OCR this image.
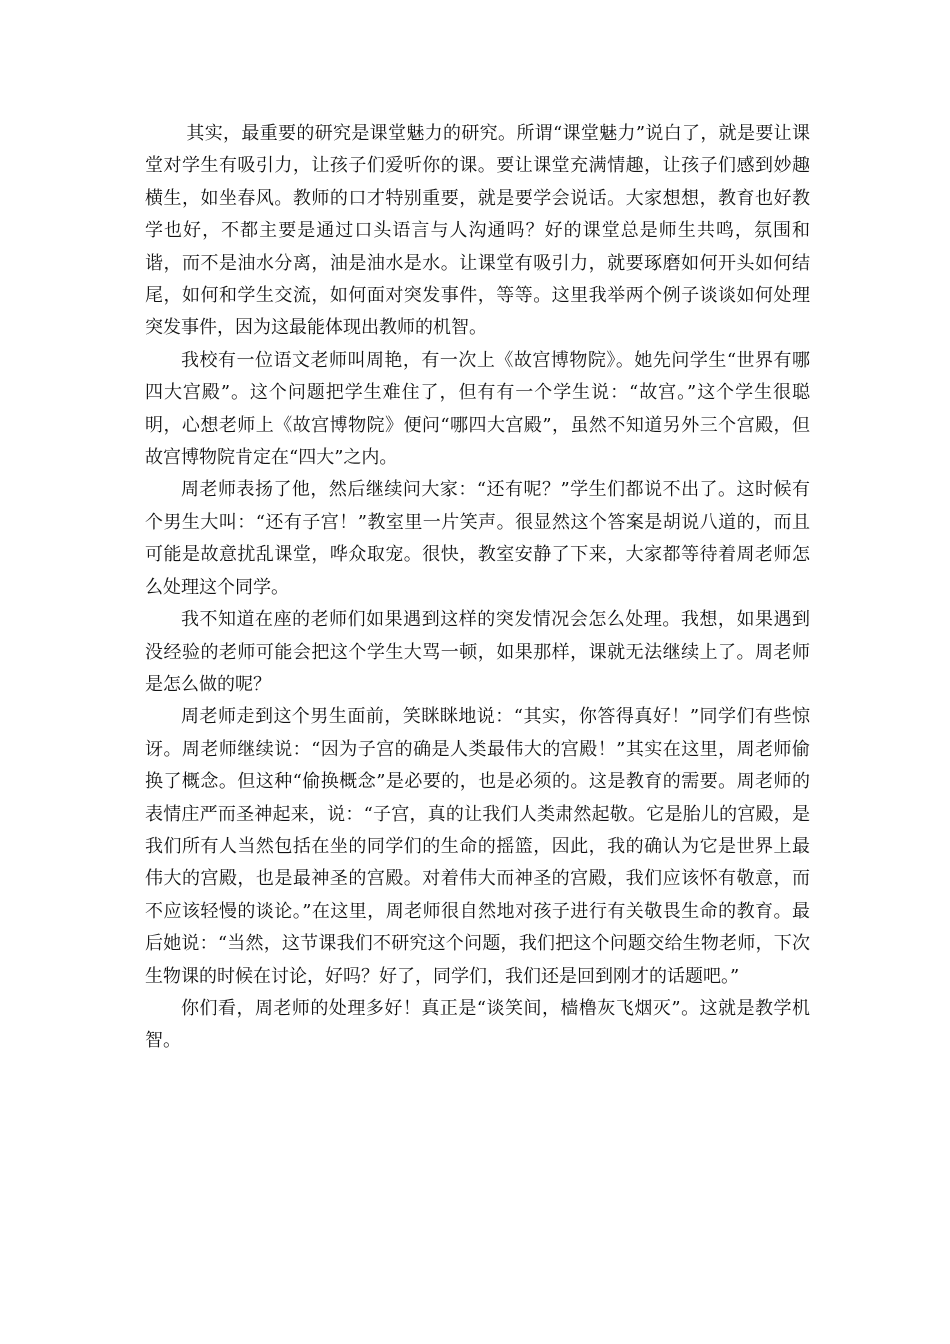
其实，最重要的研究是课堂魅力的研究。所谓“课堂魅力”说白了，就是要让课堂对学生有吸引力，让孩子们爱听你的课。要让课堂充满情趣，让孩子们感到妙趣横生，如坐春风。教师的口才特别重要，就是要学会说话。大家想想，教育也好教学也好，不都主要是通过口头语言与人沟通吗？好的课堂总是师生共鸣，氛围和谐，而不是油水分离，油是油水是水。让课堂有吸引力，就要琢磨如何开头如何结尾，如何和学生交流，如何面对突发事件，等等。这里我举两个例子谈谈如何处理突发事件，因为这最能体现出教师的机智。

我校有一位语文老师叫周艳，有一次上《故宫博物院》。她先问学生“世界有哪四大宫殿”。这个问题把学生难住了，但有有一个学生说：“故宫。”这个学生很聪明，心想老师上《故宫博物院》便问“哪四大宫殿”，虽然不知道另外三个宫殿，但故宫博物院肯定在“四大”之内。

周老师表扬了他，然后继续问大家：“还有呢？”学生们都说不出了。这时候有个男生大叫：“还有子宫！”教室里一片笑声。很显然这个答案是胡说八道的，而且可能是故意扰乱课堂，哗众取宠。很快，教室安静了下来，大家都等待着周老师怎么处理这个同学。

我不知道在座的老师们如果遇到这样的突发情况会怎么处理。我想，如果遇到没经验的老师可能会把这个学生大骂一顿，如果那样，课就无法继续上了。周老师是怎么做的呢？

周老师走到这个男生面前，笑眯眯地说：“其实，你答得真好！”同学们有些惊讶。周老师继续说：“因为子宫的确是人类最伟大的宫殿！”其实在这里，周老师偷换了概念。但这种“偷换概念”是必要的，也是必须的。这是教育的需要。周老师的表情庄严而圣神起来，说：“子宫，真的让我们人类肃然起敬。它是胎儿的宫殿，是我们所有人当然包括在坐的同学们的生命的摇篮，因此，我的确认为它是世界上最伟大的宫殿，也是最神圣的宫殿。对着伟大而神圣的宫殿，我们应该怀有敬意，而不应该轻慢的谈论。”在这里，周老师很自然地对孩子进行有关敬畏生命的教育。最后她说：“当然，这节课我们不研究这个问题，我们把这个问题交给生物老师，下次生物课的时候在讨论，好吗？好了，同学们，我们还是回到刚才的话题吧。”

你们看，周老师的处理多好！真正是“谈笑间，樯橹灰飞烟灭”。这就是教学机智。
